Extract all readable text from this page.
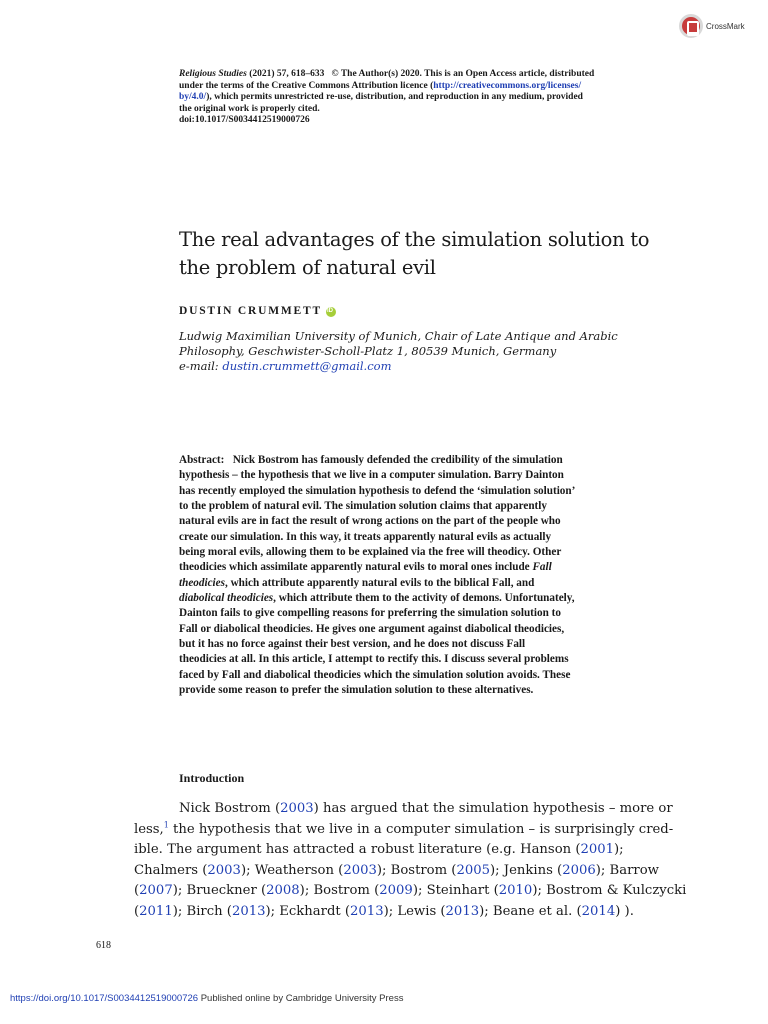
CrossMark
Religious Studies (2021) 57, 618–633 © The Author(s) 2020. This is an Open Access article, distributed
under the terms of the Creative Commons Attribution licence (http://creativecommons.org/licenses/
by/4.0/), which permits unrestricted re-use, distribution, and reproduction in any medium, provided
the original work is properly cited.
doi:10.1017/S0034412519000726
The real advantages of the simulation solution to
the problem of natural evil
DUSTIN CRUMMETT
iD
Ludwig Maximilian University of Munich, Chair of Late Antique and Arabic
Philosophy, Geschwister-Scholl-Platz 1, 80539 Munich, Germany
e-mail: dustin.crummett@gmail.com
Abstract: Nick Bostrom has famously defended the credibility of the simulation
hypothesis – the hypothesis that we live in a computer simulation. Barry Dainton
has recently employed the simulation hypothesis to defend the ‘simulation solution’
to the problem of natural evil. The simulation solution claims that apparently
natural evils are in fact the result of wrong actions on the part of the people who
create our simulation. In this way, it treats apparently natural evils as actually
being moral evils, allowing them to be explained via the free will theodicy. Other
theodicies which assimilate apparently natural evils to moral ones include Fall
theodicies, which attribute apparently natural evils to the biblical Fall, and
diabolical theodicies, which attribute them to the activity of demons. Unfortunately,
Dainton fails to give compelling reasons for preferring the simulation solution to
Fall or diabolical theodicies. He gives one argument against diabolical theodicies,
but it has no force against their best version, and he does not discuss Fall
theodicies at all. In this article, I attempt to rectify this. I discuss several problems
faced by Fall and diabolical theodicies which the simulation solution avoids. These
provide some reason to prefer the simulation solution to these alternatives.
Introduction
Nick Bostrom (2003) has argued that the simulation hypothesis – more or
less,$^1$ the hypothesis that we live in a computer simulation – is surprisingly cred-
ible. The argument has attracted a robust literature (e.g. Hanson (2001);
Chalmers (2003); Weatherson (2003); Bostrom (2005); Jenkins (2006); Barrow
(2007); Brueckner (2008); Bostrom (2009); Steinhart (2010); Bostrom & Kulczycki
(2011); Birch (2013); Eckhardt (2013); Lewis (2013); Beane et al. (2014) ).
618
https://doi.org/10.1017/S0034412519000726 Published online by Cambridge University Press
